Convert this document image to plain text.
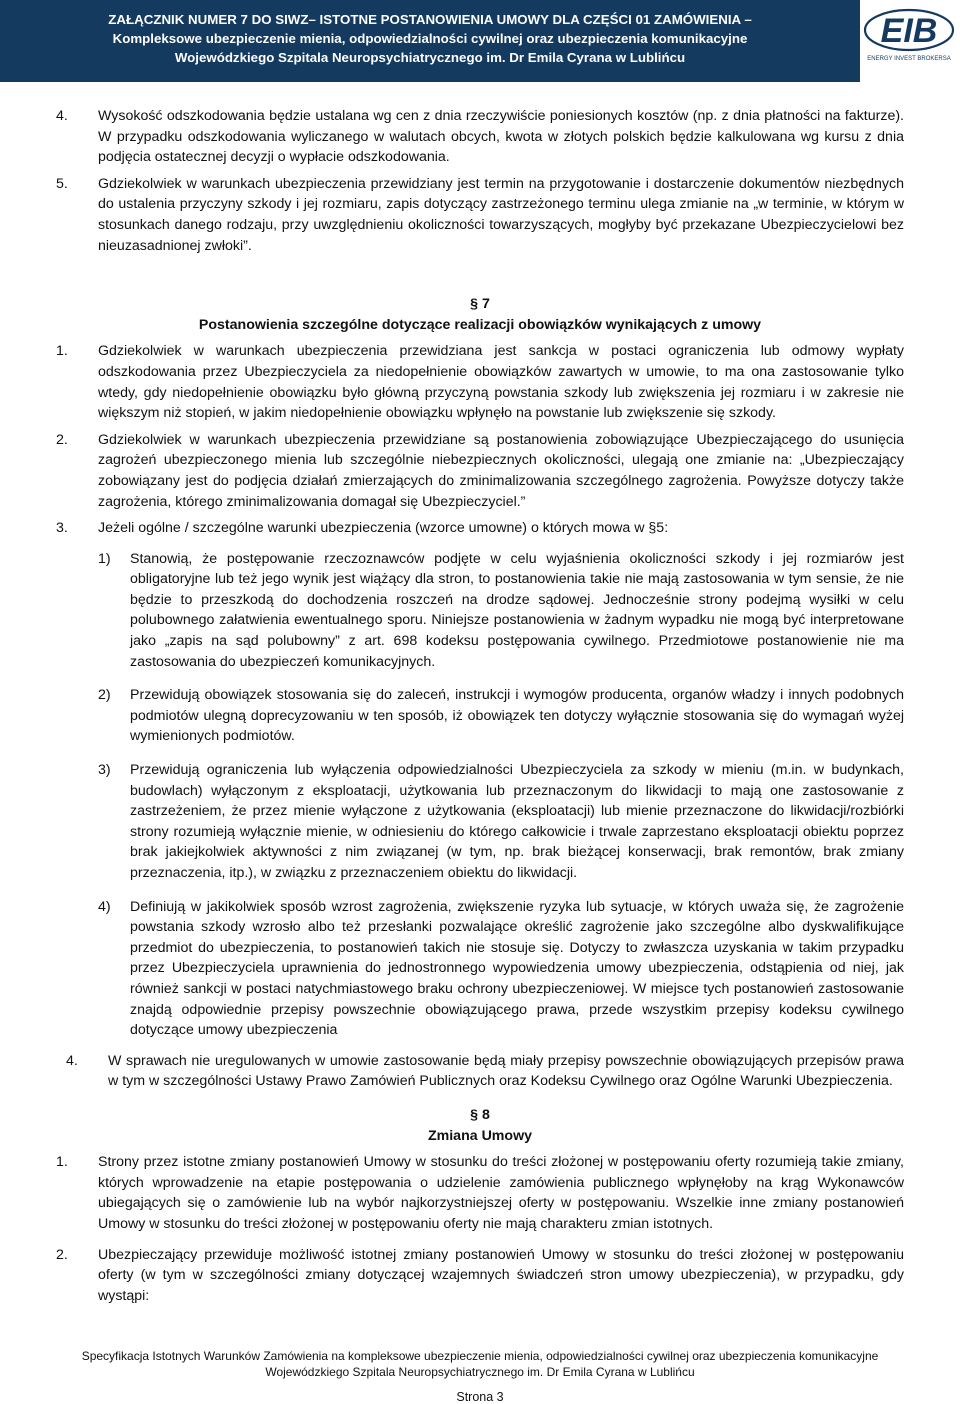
ZAŁĄCZNIK NUMER 7 DO SIWZ– ISTOTNE POSTANOWIENIA UMOWY DLA CZĘŚCI 01 ZAMÓWIENIA –
Kompleksowe ubezpieczenie mienia, odpowiedzialności cywilnej oraz ubezpieczenia komunikacyjne
Wojewódzkiego Szpitala Neuropsychiatrycznego im. Dr Emila Cyrana w Lublińcu
EIB
ENERGY INVEST BROKERSA
4.	Wysokość odszkodowania będzie ustalana wg cen z dnia rzeczywiście poniesionych kosztów (np. z dnia płatności na fakturze). W przypadku odszkodowania wyliczanego w walutach obcych, kwota w złotych polskich będzie kalkulowana wg kursu z dnia podjęcia ostatecznej decyzji o wypłacie odszkodowania.
5.	Gdziekolwiek w warunkach ubezpieczenia przewidziany jest termin na przygotowanie i dostarczenie dokumentów niezbędnych do ustalenia przyczyny szkody i jej rozmiaru, zapis dotyczący zastrzeżonego terminu ulega zmianie na „w terminie, w którym w stosunkach danego rodzaju, przy uwzględnieniu okoliczności towarzyszących, mogłyby być przekazane Ubezpieczycielowi bez nieuzasadnionej zwłoki”.
§ 7
Postanowienia szczególne dotyczące realizacji obowiązków wynikających z umowy
1.	Gdziekolwiek w warunkach ubezpieczenia przewidziana jest sankcja w postaci ograniczenia lub odmowy wypłaty odszkodowania przez Ubezpieczyciela za niedopełnienie obowiązków zawartych w umowie, to ma ona zastosowanie tylko wtedy, gdy niedopełnienie obowiązku było główną przyczyną powstania szkody lub zwiększenia jej rozmiaru i w zakresie nie większym niż stopień, w jakim niedopełnienie obowiązku wpłynęło na powstanie lub zwiększenie się szkody.
2.	Gdziekolwiek w warunkach ubezpieczenia przewidziane są postanowienia zobowiązujące Ubezpieczającego do usunięcia zagrożeń ubezpieczonego mienia lub szczególnie niebezpiecznych okoliczności, ulegają one zmianie na: „Ubezpieczający zobowiązany jest do podjęcia działań zmierzających do zminimalizowania szczególnego zagrożenia. Powyższe dotyczy także zagrożenia, którego zminimalizowania domagał się Ubezpieczyciel.”
3.	Jeżeli ogólne / szczególne warunki ubezpieczenia (wzorce umowne) o których mowa w §5:
1)	Stanowią, że postępowanie rzeczoznawców podjęte w celu wyjaśnienia okoliczności szkody i jej rozmiarów jest obligatoryjne lub też jego wynik jest wiążący dla stron, to postanowienia takie nie mają zastosowania w tym sensie, że nie będzie to przeszkodą do dochodzenia roszczeń na drodze sądowej. Jednocześnie strony podejmą wysiłki w celu polubownego załatwienia ewentualnego sporu. Niniejsze postanowienia w żadnym wypadku nie mogą być interpretowane jako „zapis na sąd polubowny” z art. 698 kodeksu postępowania cywilnego. Przedmiotowe postanowienie nie ma zastosowania do ubezpieczeń komunikacyjnych.
2)	Przewidują obowiązek stosowania się do zaleceń, instrukcji i wymogów producenta, organów władzy i innych podobnych podmiotów ulegną doprecyzowaniu w ten sposób, iż obowiązek ten dotyczy wyłącznie stosowania się do wymagań wyżej wymienionych podmiotów.
3)	Przewidują ograniczenia lub wyłączenia odpowiedzialności Ubezpieczyciela za szkody w mieniu (m.in. w budynkach, budowlach) wyłączonym z eksploatacji, użytkowania lub przeznaczonym do likwidacji to mają one zastosowanie z zastrzeżeniem, że przez mienie wyłączone z użytkowania (eksploatacji) lub mienie przeznaczone do likwidacji/rozbiórki strony rozumieją wyłącznie mienie, w odniesieniu do którego całkowicie i trwale zaprzestano eksploatacji obiektu poprzez brak jakiejkolwiek aktywności z nim związanej (w tym, np. brak bieżącej konserwacji, brak remontów, brak zmiany przeznaczenia, itp.), w związku z przeznaczeniem obiektu do likwidacji.
4)	Definiują w jakikolwiek sposób wzrost zagrożenia, zwiększenie ryzyka lub sytuacje, w których uważa się, że zagrożenie powstania szkody wzrosło albo też przesłanki pozwalające określić zagrożenie jako szczególne albo dyskwalifikujące przedmiot do ubezpieczenia, to postanowień takich nie stosuje się. Dotyczy to zwłaszcza uzyskania w takim przypadku przez Ubezpieczyciela uprawnienia do jednostronnego wypowiedzenia umowy ubezpieczenia, odstąpienia od niej, jak również sankcji w postaci natychmiastowego braku ochrony ubezpieczeniowej. W miejsce tych postanowień zastosowanie znajdą odpowiednie przepisy powszechnie obowiązującego prawa, przede wszystkim przepisy kodeksu cywilnego dotyczące umowy ubezpieczenia
4.	W sprawach nie uregulowanych w umowie zastosowanie będą miały przepisy powszechnie obowiązujących przepisów prawa w tym w szczególności Ustawy Prawo Zamówień Publicznych oraz Kodeksu Cywilnego oraz Ogólne Warunki Ubezpieczenia.
§ 8
Zmiana Umowy
1.	Strony przez istotne zmiany postanowień Umowy w stosunku do treści złożonej w postępowaniu oferty rozumieją takie zmiany, których wprowadzenie na etapie postępowania o udzielenie zamówienia publicznego wpłynęłoby na krąg Wykonawców ubiegających się o zamówienie lub na wybór najkorzystniejszej oferty w postępowaniu. Wszelkie inne zmiany postanowień Umowy w stosunku do treści złożonej w postępowaniu oferty nie mają charakteru zmian istotnych.
2.	Ubezpieczający przewiduje możliwość istotnej zmiany postanowień Umowy w stosunku do treści złożonej w postępowaniu oferty (w tym w szczególności zmiany dotyczącej wzajemnych świadczeń stron umowy ubezpieczenia), w przypadku, gdy wystąpi:
Specyfikacja Istotnych Warunków Zamówienia na kompleksowe ubezpieczenie mienia, odpowiedzialności cywilnej oraz ubezpieczenia komunikacyjne
Wojewódzkiego Szpitala Neuropsychiatrycznego im. Dr Emila Cyrana w Lublińcu
Strona 3
